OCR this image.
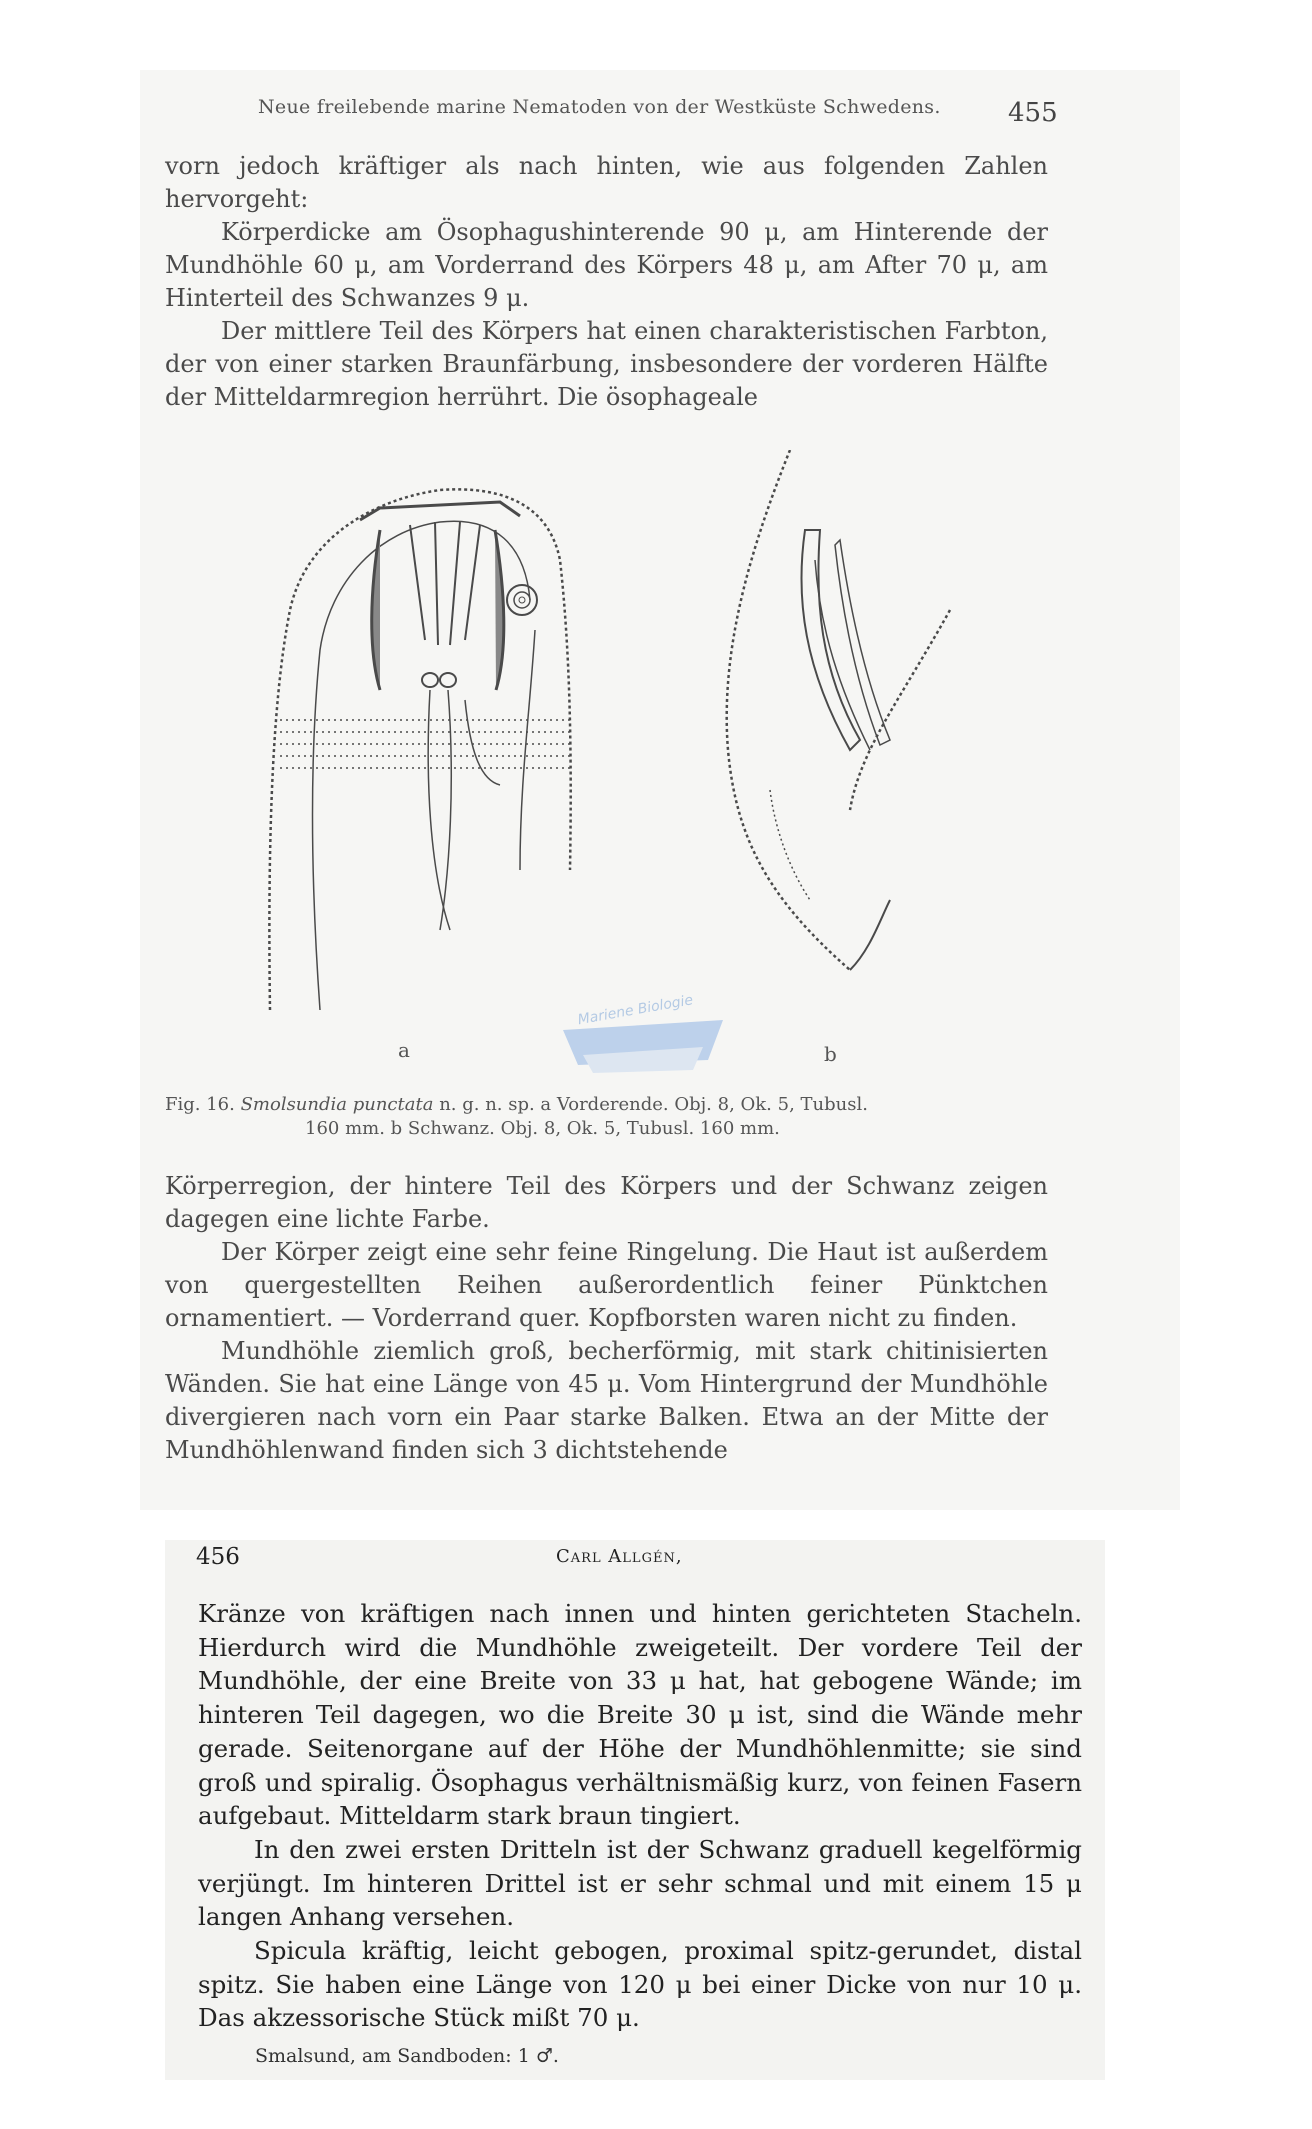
Neue freilebende marine Nematoden von der Westküste Schwedens.	455

vorn jedoch kräftiger als nach hinten, wie aus folgenden Zahlen hervorgeht:

Körperdicke am Ösophagushinterende 90 μ, am Hinterende der Mundhöhle 60 μ, am Vorderrand des Körpers 48 μ, am After 70 μ, am Hinterteil des Schwanzes 9 μ.

Der mittlere Teil des Körpers hat einen charakteristischen Farbton, der von einer starken Braunfärbung, insbesondere der vorderen Hälfte der Mitteldarmregion herrührt. Die ösophageale

a	b
Mariene Biologie
Fig. 16. Smolsundia punctata n. g. n. sp. a Vorderende. Obj. 8, Ok. 5, Tubusl.
160 mm. b Schwanz. Obj. 8, Ok. 5, Tubusl. 160 mm.

Körperregion, der hintere Teil des Körpers und der Schwanz zeigen dagegen eine lichte Farbe.

Der Körper zeigt eine sehr feine Ringelung. Die Haut ist außerdem von quergestellten Reihen außerordentlich feiner Pünktchen ornamentiert. — Vorderrand quer. Kopfborsten waren nicht zu finden.

Mundhöhle ziemlich groß, becherförmig, mit stark chitinisierten Wänden. Sie hat eine Länge von 45 μ. Vom Hintergrund der Mundhöhle divergieren nach vorn ein Paar starke Balken. Etwa an der Mitte der Mundhöhlenwand finden sich 3 dichtstehende

456	Carl Allgén,

Kränze von kräftigen nach innen und hinten gerichteten Stacheln. Hierdurch wird die Mundhöhle zweigeteilt. Der vordere Teil der Mundhöhle, der eine Breite von 33 μ hat, hat gebogene Wände; im hinteren Teil dagegen, wo die Breite 30 μ ist, sind die Wände mehr gerade. Seitenorgane auf der Höhe der Mundhöhlenmitte; sie sind groß und spiralig. Ösophagus verhältnismäßig kurz, von feinen Fasern aufgebaut. Mitteldarm stark braun tingiert.

In den zwei ersten Dritteln ist der Schwanz graduell kegelförmig verjüngt. Im hinteren Drittel ist er sehr schmal und mit einem 15 μ langen Anhang versehen.

Spicula kräftig, leicht gebogen, proximal spitz-gerundet, distal spitz. Sie haben eine Länge von 120 μ bei einer Dicke von nur 10 μ. Das akzessorische Stück mißt 70 μ.

Smalsund, am Sandboden: 1 ♂.
